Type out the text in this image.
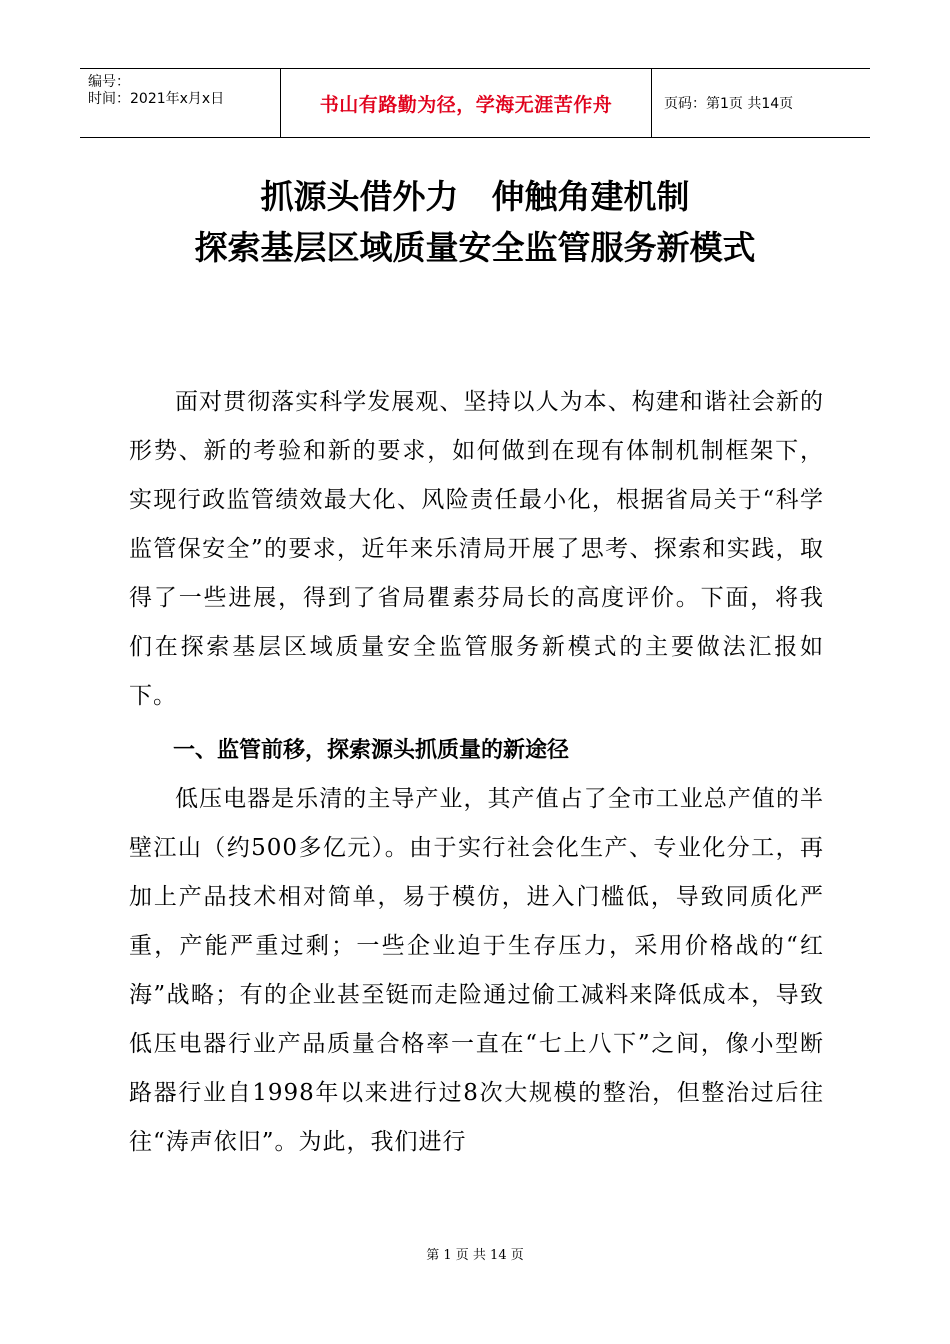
编号：
时间：2021年x月x日	书山有路勤为径，学海无涯苦作舟	页码：第1页 共14页
抓源头借外力　伸触角建机制
探索基层区域质量安全监管服务新模式

面对贯彻落实科学发展观、坚持以人为本、构建和谐社会新的形势、新的考验和新的要求，如何做到在现有体制机制框架下，实现行政监管绩效最大化、风险责任最小化，根据省局关于“科学监管保安全”的要求，近年来乐清局开展了思考、探索和实践，取得了一些进展，得到了省局瞿素芬局长的高度评价。下面，将我们在探索基层区域质量安全监管服务新模式的主要做法汇报如下。

一、监管前移，探索源头抓质量的新途径

低压电器是乐清的主导产业，其产值占了全市工业总产值的半壁江山（约500多亿元）。由于实行社会化生产、专业化分工，再加上产品技术相对简单，易于模仿，进入门槛低，导致同质化严重，产能严重过剩；一些企业迫于生存压力，采用价格战的“红海”战略；有的企业甚至铤而走险通过偷工减料来降低成本，导致低压电器行业产品质量合格率一直在“七上八下”之间，像小型断路器行业自1998年以来进行过8次大规模的整治，但整治过后往往“涛声依旧”。为此，我们进行

第 1 页 共 14 页
